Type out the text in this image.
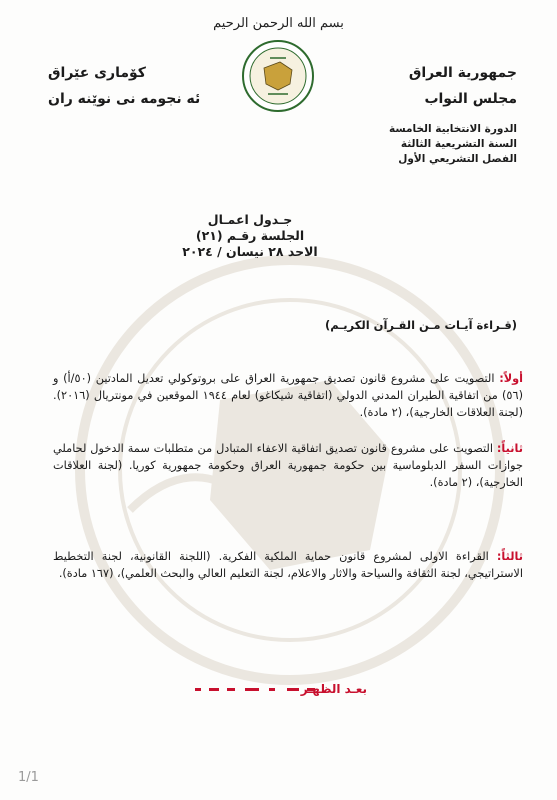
بسم الله الرحمن الرحيم
جمهورية العراق
مجلس النواب
الدورة الانتخابية الخامسة
السنة التشريعية الثالثة
الفصل التشريعي الأول
كۆماری عێراق
ئه نجومه نی نوێنه ران
جـدول اعمـال
الجلسة رقـم (٢١)
الاحد ٢٨ نيسان / ٢٠٢٤
(قـراءة آيـات مـن القـرآن الكريـم)
أولاً: التصويت على مشروع قانون تصديق جمهورية العراق على بروتوكولي تعديل المادتين (٥٠/أ) و (٥٦) من اتفاقية الطيران المدني الدولي (اتفاقية شيكاغو) لعام ١٩٤٤ الموقعين في مونتريال (٢٠١٦). (لجنة العلاقات الخارجية)، (٢ مادة).
ثانياً: التصويت على مشروع قانون تصديق اتفاقية الاعفاء المتبادل من متطلبات سمة الدخول لحاملي جوازات السفر الدبلوماسية بين حكومة جمهورية العراق وحكومة جمهورية كوريا. (لجنة العلاقات الخارجية)، (٢ مادة).
ثالثاً: القراءة الاولى لمشروع قانون حماية الملكية الفكرية. (اللجنة القانونية، لجنة التخطيط الاستراتيجي، لجنة الثقافة والسياحة والاثار والاعلام، لجنة التعليم العالي والبحث العلمي)، (١٦٧ مادة).
بعـد الظهـر
1/1
